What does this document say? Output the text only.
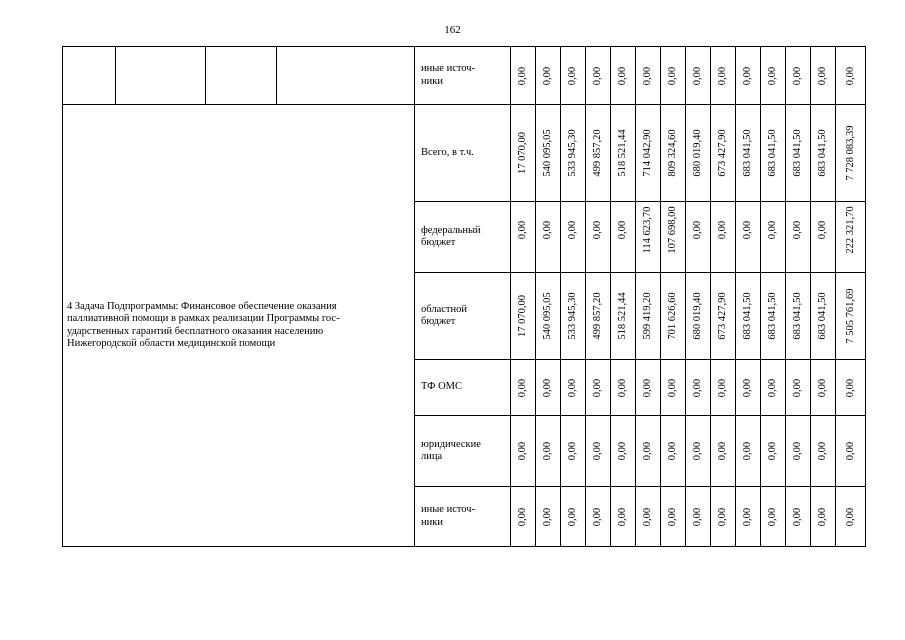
162
				иные источ-
ники	0,00	0,00	0,00	0,00	0,00	0,00	0,00	0,00	0,00	0,00	0,00	0,00	0,00	0,00

4 Задача Подпрограммы: Финансовое обеспечение оказания
паллиативной помощи в рамках реализации Программы гос-
ударственных гарантий бесплатного оказания населению
Нижегородской области медицинской помощи				Всего, в т.ч.	17 070,00	540 095,05	533 945,30	499 857,20	518 521,44	714 042,90	809 324,60	680 019,40	673 427,90	683 041,50	683 041,50	683 041,50	683 041,50	7 728 083,39

				федеральный
бюджет	0,00	0,00	0,00	0,00	0,00	114 623,70	107 698,00	0,00	0,00	0,00	0,00	0,00	0,00	222 321,70

				областной
бюджет	17 070,00	540 095,05	533 945,30	499 857,20	518 521,44	599 419,20	701 626,60	680 019,40	673 427,90	683 041,50	683 041,50	683 041,50	683 041,50	7 505 761,69

				ТФ ОМС	0,00	0,00	0,00	0,00	0,00	0,00	0,00	0,00	0,00	0,00	0,00	0,00	0,00	0,00

				юридические
лица	0,00	0,00	0,00	0,00	0,00	0,00	0,00	0,00	0,00	0,00	0,00	0,00	0,00	0,00

				иные источ-
ники	0,00	0,00	0,00	0,00	0,00	0,00	0,00	0,00	0,00	0,00	0,00	0,00	0,00	0,00
